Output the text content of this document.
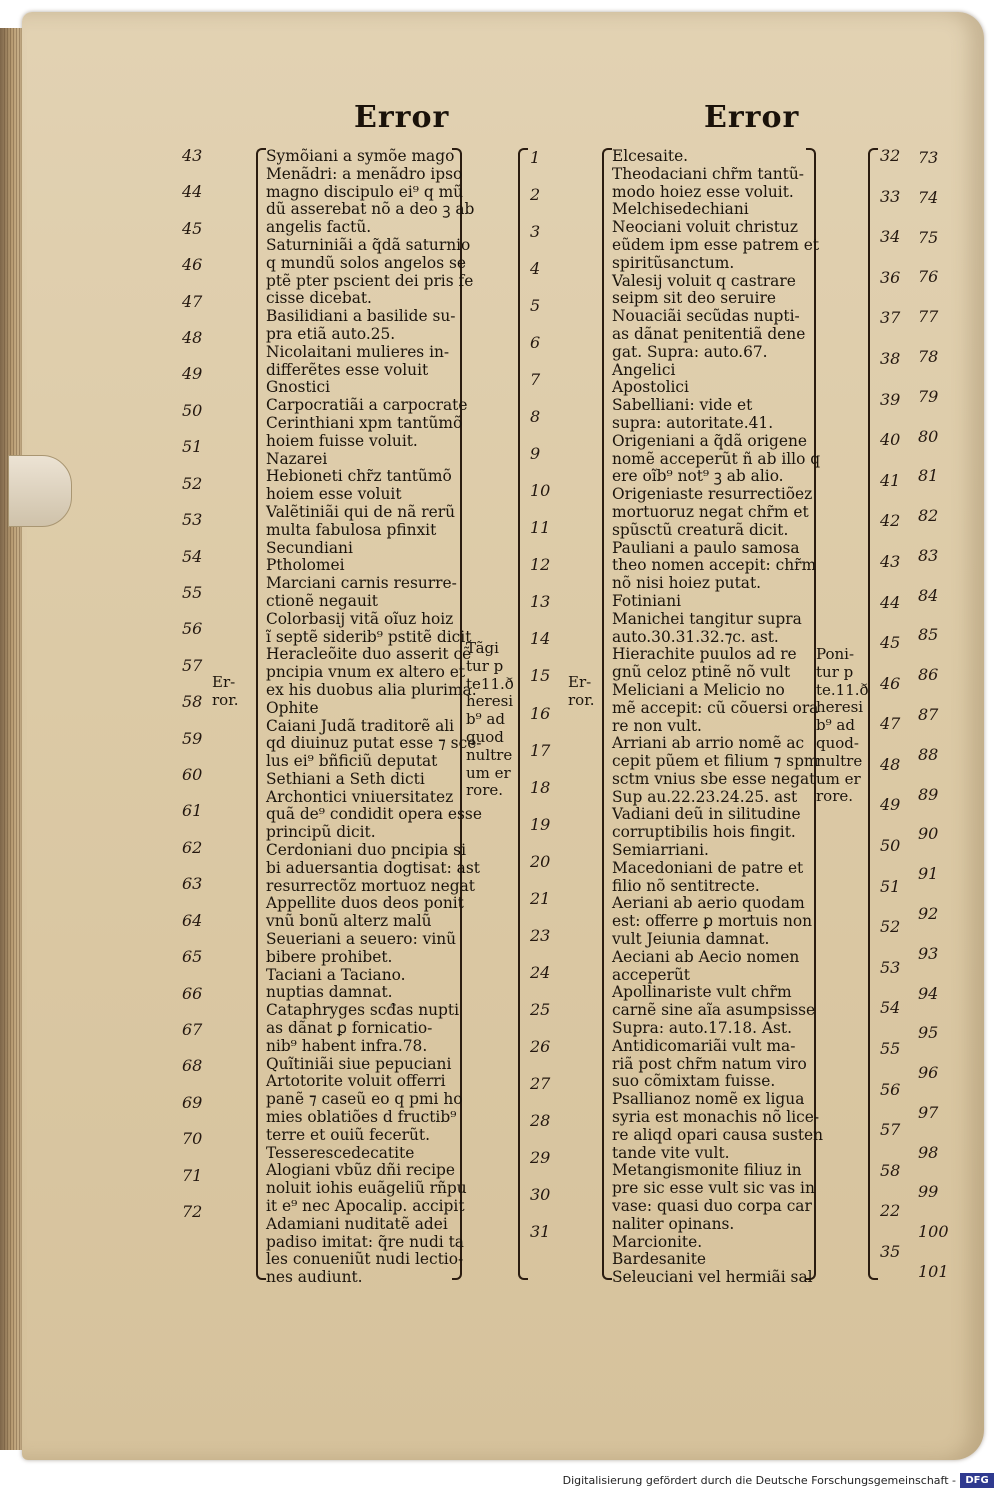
Error	Error
Symõiani a symõe mago
Menãdri: a menãdro ipso
magno discipulo ei⁹ q mũ
dũ asserebat nõ a deo ꝫ ab
angelis factũ.
Saturniniãi a q̃dã saturnio
q mundũ solos angelos se
ptẽ pter pscient dei pris fe
cisse dicebat.
Basilidiani a basilide su-
pra etiã auto.25.
Nicolaitani mulieres in-
differẽtes esse voluit
Gnostici
Carpocratiãi a carpocrate
Cerinthiani xpm tantũmõ
hoiem fuisse voluit.
Nazarei
Hebioneti chr̃z tantũmõ
hoiem esse voluit
Valẽtiniãi qui de nã rerũ
multa fabulosa pfinxit
Secundiani
Ptholomei
Marciani carnis resurre-
ctionẽ negauit
Colorbasij vitã oĩuz hoiz
ĩ septẽ siderib⁹ pstitẽ dicit
Heracleõite duo asserit cẽ
pncipia vnum ex altero et
ex his duobus alia plurima.
Ophite
Caiani Judã traditorẽ ali
qd diuinuz putat esse ⁊ sce-
lus ei⁹ bñficiũ deputat
Sethiani a Seth dicti
Archontici vniuersitatez
quã de⁹ condidit opera esse
principũ dicit.
Cerdoniani duo pncipia si
bi aduersantia dogtisat: ast
resurrectõz mortuoz negat
Appellite duos deos ponit
vnũ bonũ alterz malũ
Seueriani a seuero: vinũ
bibere prohibet.
Taciani a Taciano.
nuptias damnat.
Cataphryges scđas nupti
as dãnat ꝑ fornicatio-
nib⁹ habent infra.78.
Quĩtiniãi siue pepuciani
Artotorite voluit offerri
panẽ ⁊ caseũ eo q pmi ho
mies oblatiões d fructib⁹
terre et ouiũ fecerũt.
Tesserescedecatite
Alogiani vbũz dñi recipe
noluit iohis euãgeliũ rñpu
it e⁹ nec Apocalip. accipit
Adamiani nuditatẽ adei
padiso imitat: q̃re nudi ta
les conueniũt nudi lectio-
nes audiunt.
Elcesaite.
Theodaciani chr̃m tantũ-
modo hoiez esse voluit.
Melchisedechiani
Neociani voluit christuz
eũdem ipm esse patrem et
spiritũsanctum.
Valesij voluit q castrare
seipm sit deo seruire
Nouaciãi secũdas nupti-
as dãnat penitentiã dene
gat. Supra: auto.67.
Angelici
Apostolici
Sabelliani: vide et
supra: autoritate.41.
Origeniani a q̃dã origene
nomẽ acceperũt ñ ab illo q
ere oĩb⁹ not⁹ ꝫ ab alio.
Origeniaste resurrectiõez
mortuoruz negat chr̃m et
spũsctũ creaturã dicit.
Pauliani a paulo samosa
theo nomen accepit: chr̃m
nõ nisi hoiez putat.
Fotiniani
Manichei tangitur supra
auto.30.31.32.⁊c. ast.
Hierachite puulos ad re
gnũ celoz ptinẽ nõ vult
Meliciani a Melicio no
mẽ accepit: cũ cõuersi ora
re non vult.
Arriani ab arrio nomẽ ac
cepit pũem et filium ⁊ spm
sctm vnius sbe esse negat
Sup au.22.23.24.25. ast
Vadiani deũ in silitudine
corruptibilis hois fingit.
Semiarriani.
Macedoniani de patre et
filio nõ sentitrecte.
Aeriani ab aerio quodam
est: offerre ꝑ mortuis non
vult Jeiunia damnat.
Aeciani ab Aecio nomen
acceperũt
Apollinariste vult chr̃m
carnẽ sine aĩa asumpsisse
Supra: auto.17.18. Ast.
Antidicomariãi vult ma-
riã post chr̃m natum viro
suo cõmixtam fuisse.
Psallianoz nomẽ ex ligua
syria est monachis nõ lice-
re aliqd opari causa susten
tande vite vult.
Metangismonite filiuz in
pre sic esse vult sic vas in
vase: quasi duo corpa car
naliter opinans.
Marcionite.
Bardesanite
Seleuciani vel hermiãi sal
43
44
45
46
47
48
49
50
51
52
53
54
55
56
57
58
59
60
61
62
63
64
65
66
67
68
69
70
71
72
1
2
3
4
5
6
7
8
9
10
11
12
13
14
15
16
17
18
19
20
21
23
24
25
26
27
28
29
30
31
32
33
34
36
37
38
39
40
41
42
43
44
45
46
47
48
49
50
51
52
53
54
55
56
57
58
22
35
73
74
75
76
77
78
79
80
81
82
83
84
85
86
87
88
89
90
91
92
93
94
95
96
97
98
99
100
101
Er-
ror.
Tãgi
tur p
te11.ð
heresi
b⁹ ad
quod
nultre
um er
rore.
Er-
ror.
Poni-
tur p
te.11.ð
heresi
b⁹ ad
quod-
nultre
um er
rore.
Digitalisierung gefördert durch die Deutsche Forschungsgemeinschaft - DFG
